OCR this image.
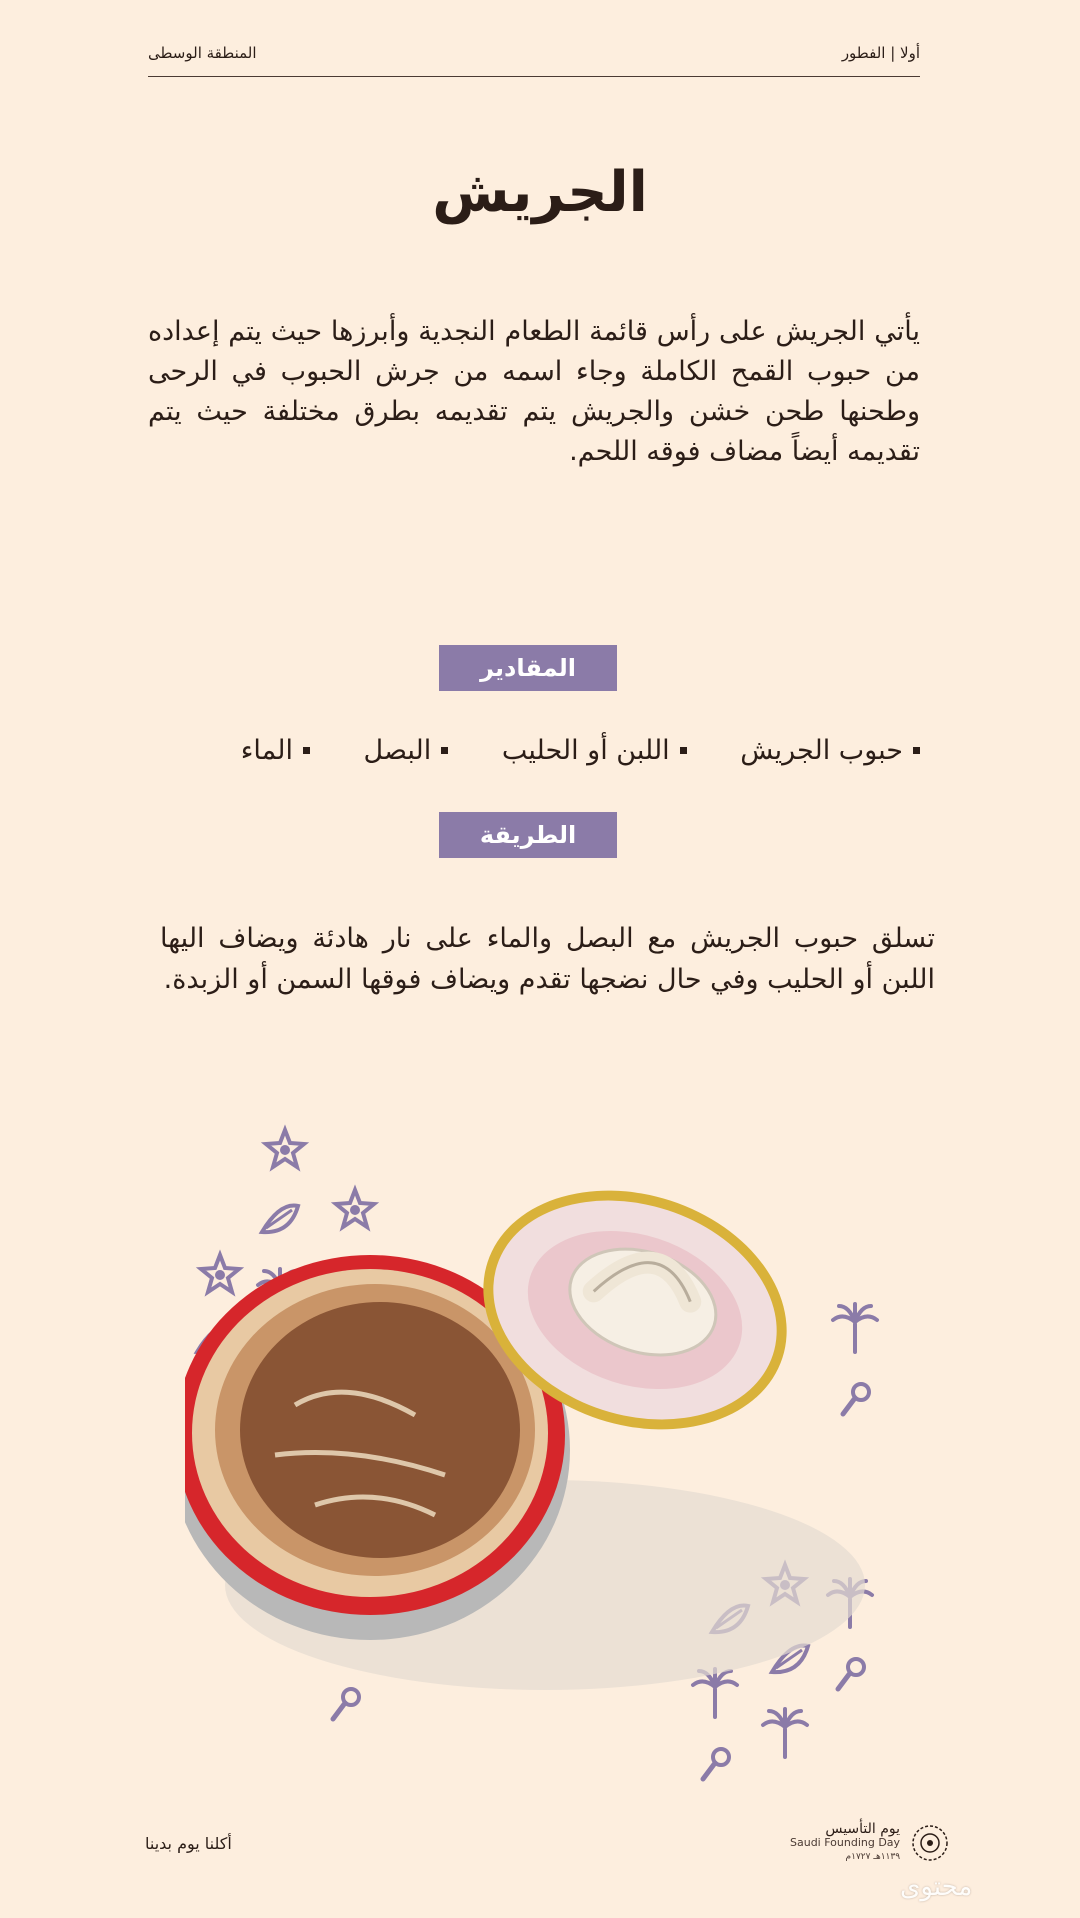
أولا | الفطور
المنطقة الوسطى
الجريش

يأتي الجريش على رأس قائمة الطعام النجدية وأبرزها حيث يتم إعداده من حبوب القمح الكاملة وجاء اسمه من جرش الحبوب في الرحى وطحنها طحن خشن والجريش يتم تقديمه بطرق مختلفة حيث يتم تقديمه أيضاً مضاف فوقه اللحم.

المقادير
حبوب الجريش
اللبن أو الحليب
البصل
الماء
الطريقة

تسلق حبوب الجريش مع البصل والماء على نار هادئة ويضاف اليها اللبن أو الحليب وفي حال نضجها تقدم ويضاف فوقها السمن أو الزبدة.

أكلنا يوم بدينا
يوم التأسيس
Saudi Founding Day
١١٣٩هـ ١٧٢٧م
محتوى
